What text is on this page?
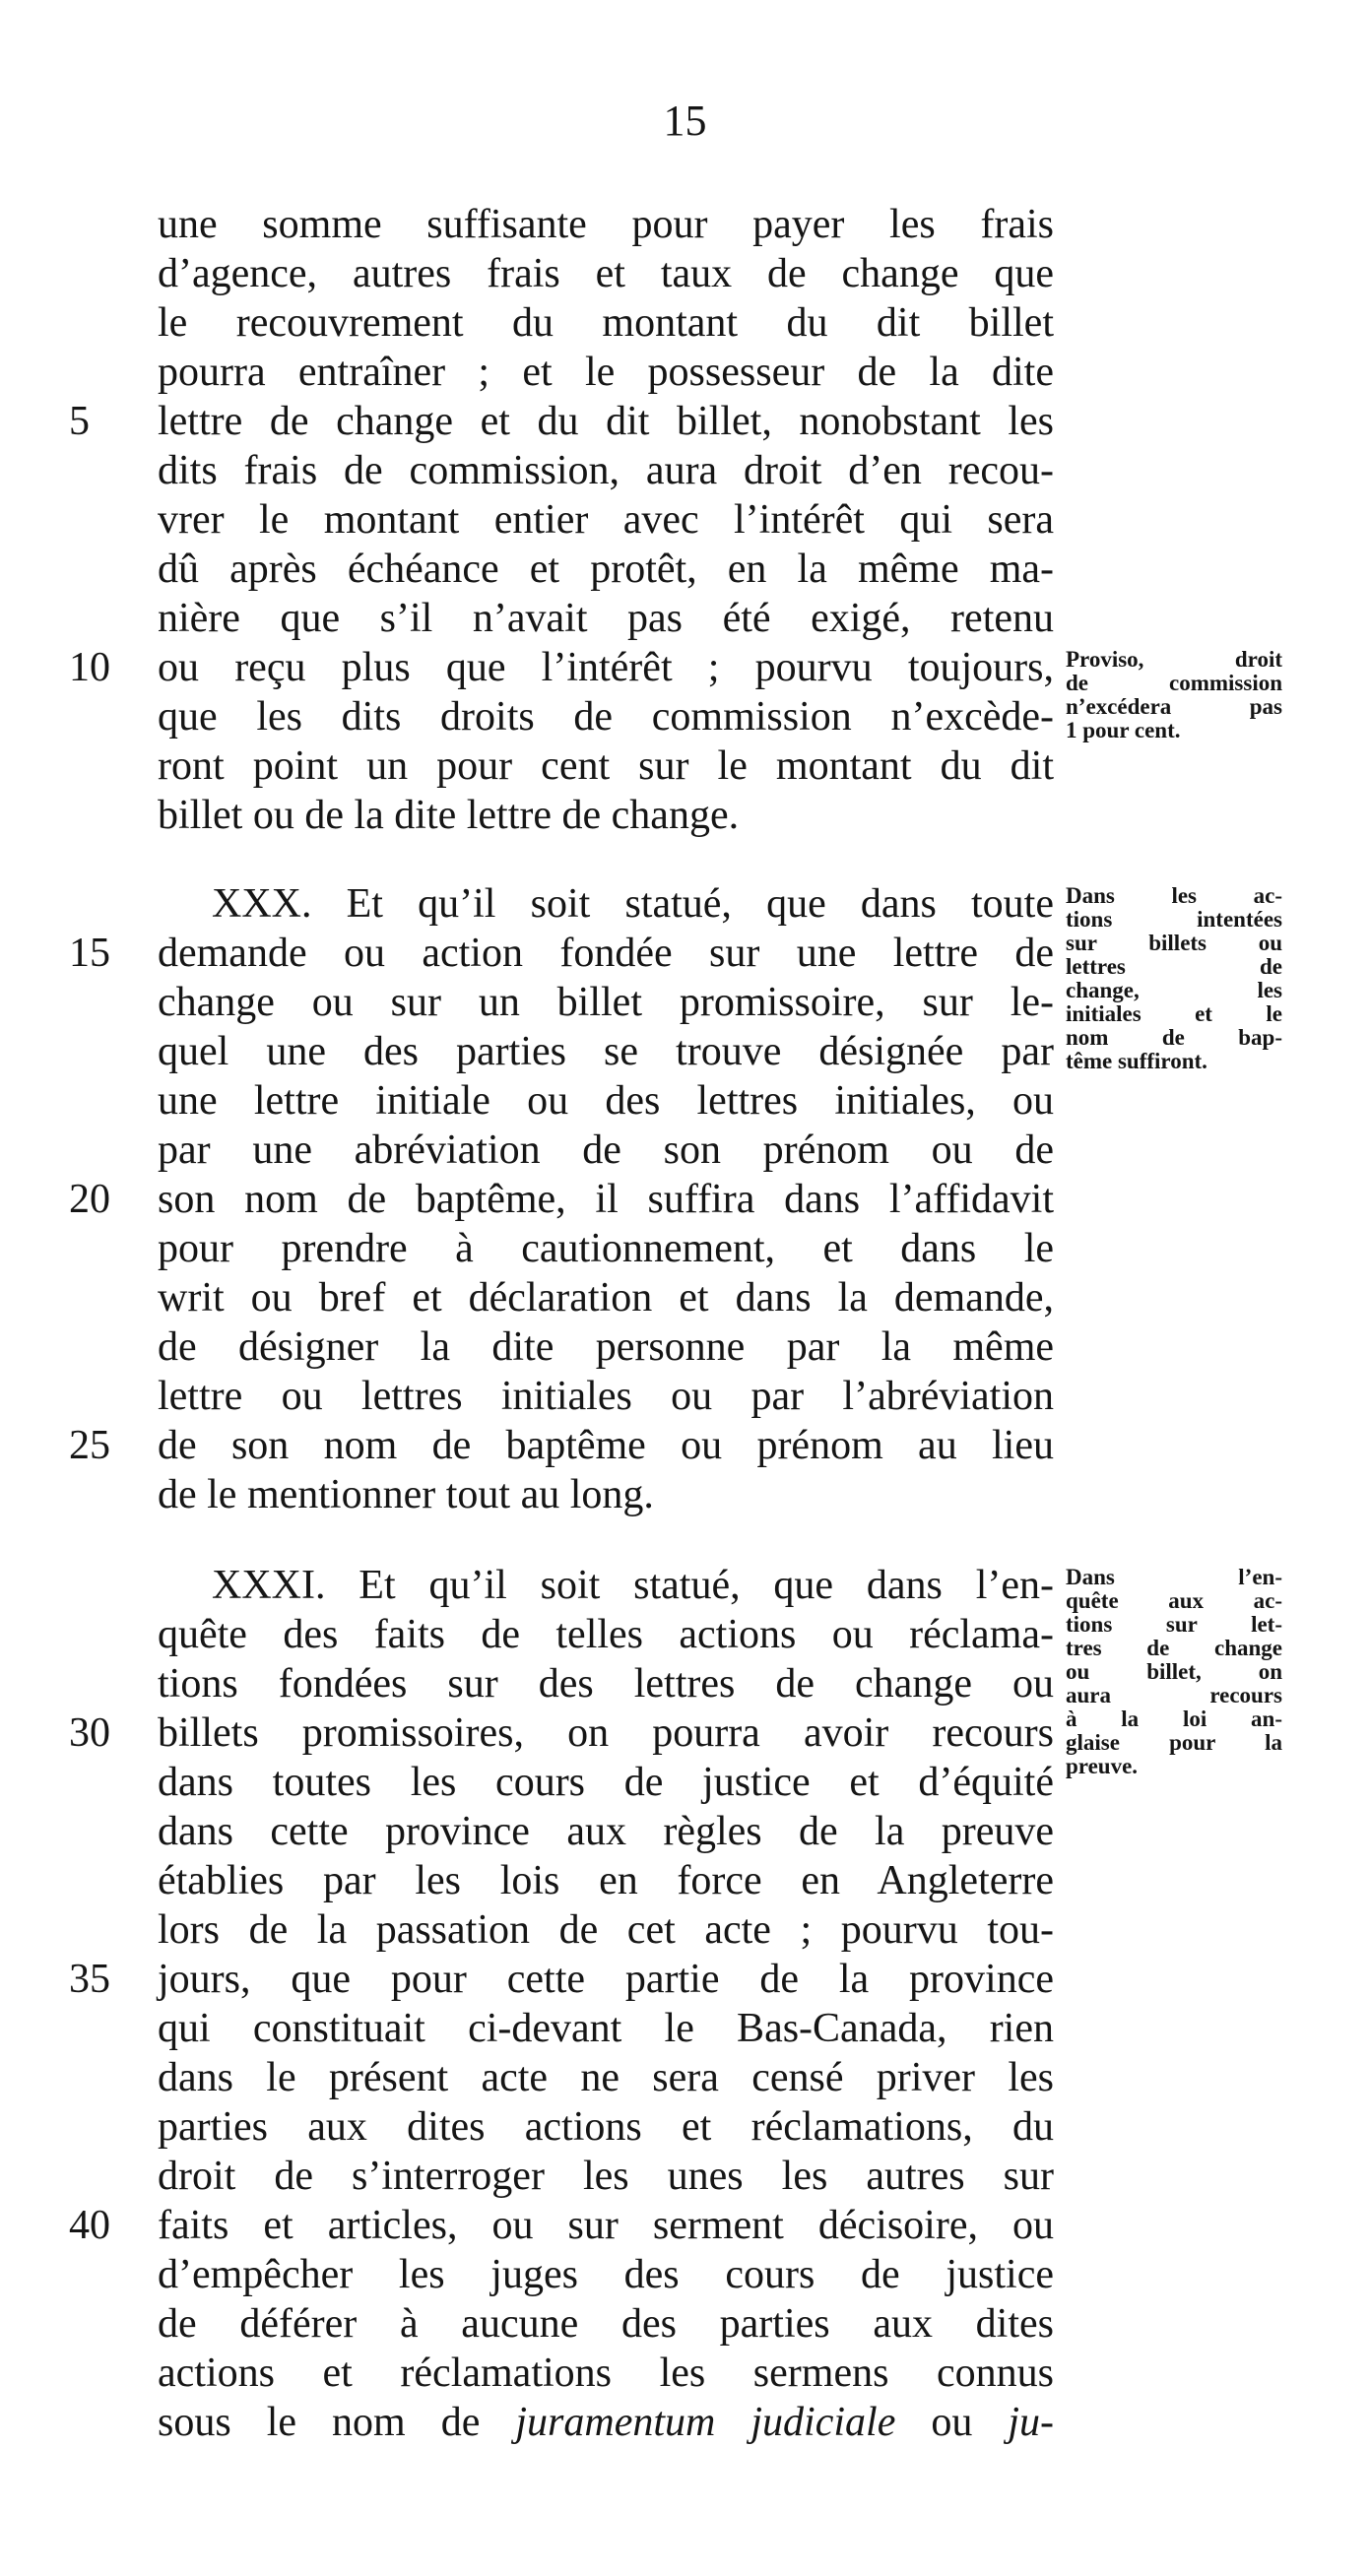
15
une somme suffisante pour payer les frais
d’agence, autres frais et taux de change que
le recouvrement du montant du dit billet
pourra entraîner ; et le possesseur de la dite
5	lettre de change et du dit billet, nonobstant les
dits frais de commission, aura droit d’en recou-
vrer le montant entier avec l’intérêt qui sera
dû après échéance et protêt, en la même ma-
nière que s’il n’avait pas été exigé, retenu
10	ou reçu plus que l’intérêt ; pourvu toujours,
que les dits droits de commission n’excède-
ront point un pour cent sur le montant du dit
billet ou de la dite lettre de change.
XXX. Et qu’il soit statué, que dans toute
15	demande ou action fondée sur une lettre de
change ou sur un billet promissoire, sur le-
quel une des parties se trouve désignée par
une lettre initiale ou des lettres initiales, ou
par une abréviation de son prénom ou de
20	son nom de baptême, il suffira dans l’affidavit
pour prendre à cautionnement, et dans le
writ ou bref et déclaration et dans la demande,
de désigner la dite personne par la même
lettre ou lettres initiales ou par l’abréviation
25	de son nom de baptême ou prénom au lieu
de le mentionner tout au long.
XXXI. Et qu’il soit statué, que dans l’en-
quête des faits de telles actions ou réclama-
tions fondées sur des lettres de change ou
30	billets promissoires, on pourra avoir recours
dans toutes les cours de justice et d’équité
dans cette province aux règles de la preuve
établies par les lois en force en Angleterre
lors de la passation de cet acte ; pourvu tou-
35	jours, que pour cette partie de la province
qui constituait ci-devant le Bas-Canada, rien
dans le présent acte ne sera censé priver les
parties aux dites actions et réclamations, du
droit de s’interroger les unes les autres sur
40	faits et articles, ou sur serment décisoire, ou
d’empêcher les juges des cours de justice
de déférer à aucune des parties aux dites
actions et réclamations les sermens connus
sous le nom de juramentum judiciale ou ju-
Proviso, droit
de commission
n’excédera pas
1 pour cent.
Dans les ac-
tions intentées
sur billets ou
lettres de
change, les
initiales et le
nom de bap-
tême suffiront.
Dans l’en-
quête aux ac-
tions sur let-
tres de change
ou billet, on
aura recours
à la loi an-
glaise pour la
preuve.
